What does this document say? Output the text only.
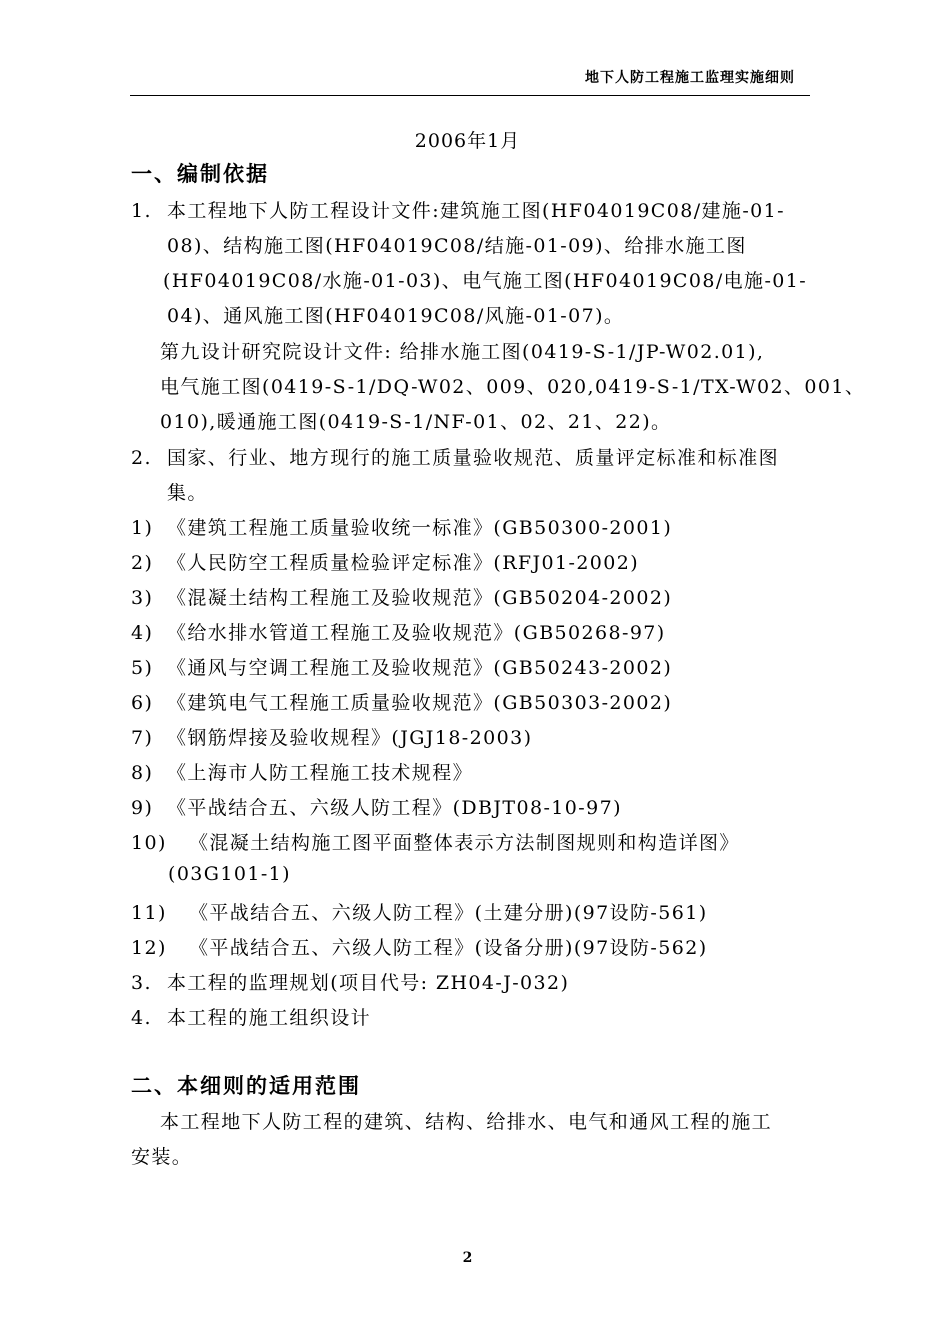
地下人防工程施工监理实施细则
2006年1月
一、编制依据
1. 本工程地下人防工程设计文件:建筑施工图(HF04019C08/建施-01-
08)、结构施工图(HF04019C08/结施-01-09)、给排水施工图
(HF04019C08/水施-01-03)、电气施工图(HF04019C08/电施-01-
04)、通风施工图(HF04019C08/风施-01-07)。
第九设计研究院设计文件: 给排水施工图(0419-S-1/JP-W02.01),
电气施工图(0419-S-1/DQ-W02、009、020,0419-S-1/TX-W02、001、
010),暖通施工图(0419-S-1/NF-01、02、21、22)。
2. 国家、行业、地方现行的施工质量验收规范、质量评定标准和标准图
集。
1) 《建筑工程施工质量验收统一标准》(GB50300-2001)
2) 《人民防空工程质量检验评定标准》(RFJ01-2002)
3) 《混凝土结构工程施工及验收规范》(GB50204-2002)
4) 《给水排水管道工程施工及验收规范》(GB50268-97)
5) 《通风与空调工程施工及验收规范》(GB50243-2002)
6) 《建筑电气工程施工质量验收规范》(GB50303-2002)
7) 《钢筋焊接及验收规程》(JGJ18-2003)
8) 《上海市人防工程施工技术规程》
9) 《平战结合五、六级人防工程》(DBJT08-10-97)
10) 《混凝土结构施工图平面整体表示方法制图规则和构造详图》
(03G101-1)
11) 《平战结合五、六级人防工程》(土建分册)(97设防-561)
12) 《平战结合五、六级人防工程》(设备分册)(97设防-562)
3. 本工程的监理规划(项目代号: ZH04-J-032)
4. 本工程的施工组织设计
二、本细则的适用范围
本工程地下人防工程的建筑、结构、给排水、电气和通风工程的施工
安装。
2
